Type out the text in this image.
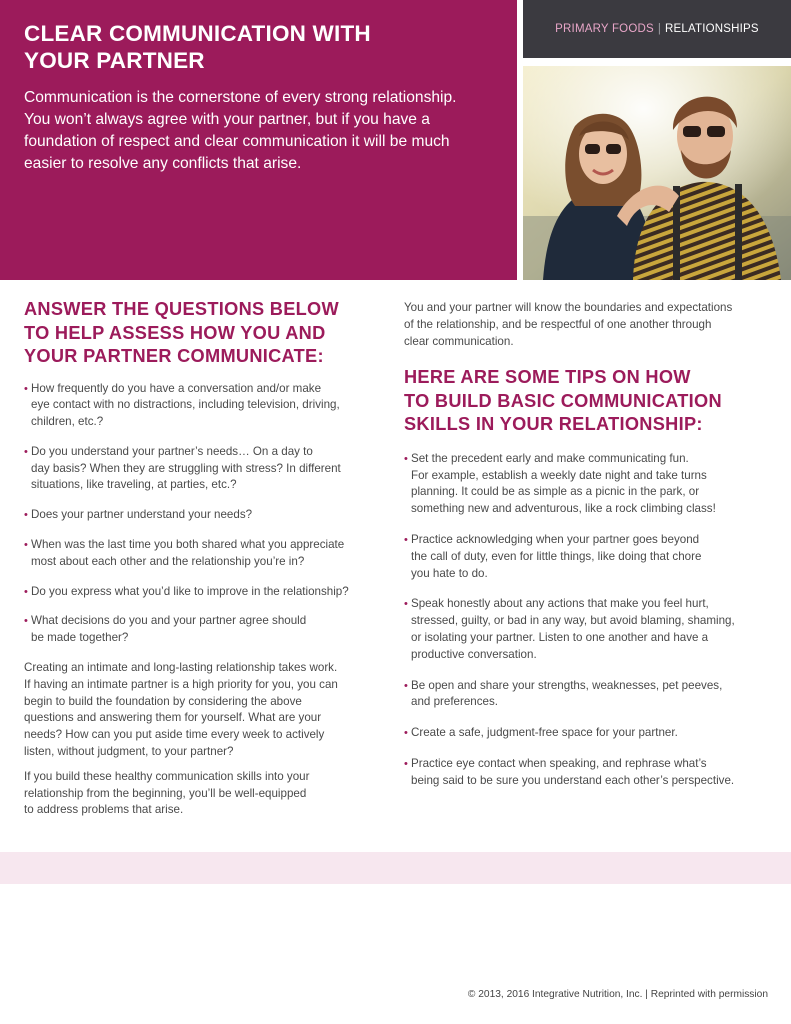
CLEAR COMMUNICATION WITH
YOUR PARTNER

Communication is the cornerstone of every strong relationship.
You won’t always agree with your partner, but if you have a
foundation of respect and clear communication it will be much
easier to resolve any conflicts that arise.

PRIMARY FOODS | RELATIONSHIPS
ANSWER THE QUESTIONS BELOW
TO HELP ASSESS HOW YOU AND
YOUR PARTNER COMMUNICATE:
• How frequently do you have a conversation and/or make
eye contact with no distractions, including television, driving,
children, etc.?
• Do you understand your partner’s needs… On a day to
day basis? When they are struggling with stress? In different
situations, like traveling, at parties, etc.?
• Does your partner understand your needs?
• When was the last time you both shared what you appreciate
most about each other and the relationship you’re in?
• Do you express what you’d like to improve in the relationship?
• What decisions do you and your partner agree should
be made together?

Creating an intimate and long-lasting relationship takes work.
If having an intimate partner is a high priority for you, you can
begin to build the foundation by considering the above
questions and answering them for yourself. What are your
needs? How can you put aside time every week to actively
listen, without judgment, to your partner?

If you build these healthy communication skills into your
relationship from the beginning, you’ll be well-equipped
to address problems that arise.

You and your partner will know the boundaries and expectations
of the relationship, and be respectful of one another through
clear communication.

HERE ARE SOME TIPS ON HOW
TO BUILD BASIC COMMUNICATION
SKILLS IN YOUR RELATIONSHIP:
• Set the precedent early and make communicating fun.
For example, establish a weekly date night and take turns
planning. It could be as simple as a picnic in the park, or
something new and adventurous, like a rock climbing class!
• Practice acknowledging when your partner goes beyond
the call of duty, even for little things, like doing that chore
you hate to do.
• Speak honestly about any actions that make you feel hurt,
stressed, guilty, or bad in any way, but avoid blaming, shaming,
or isolating your partner. Listen to one another and have a
productive conversation.
• Be open and share your strengths, weaknesses, pet peeves,
and preferences.
• Create a safe, judgment-free space for your partner.
• Practice eye contact when speaking, and rephrase what’s
being said to be sure you understand each other’s perspective.
© 2013, 2016 Integrative Nutrition, Inc. | Reprinted with permission
